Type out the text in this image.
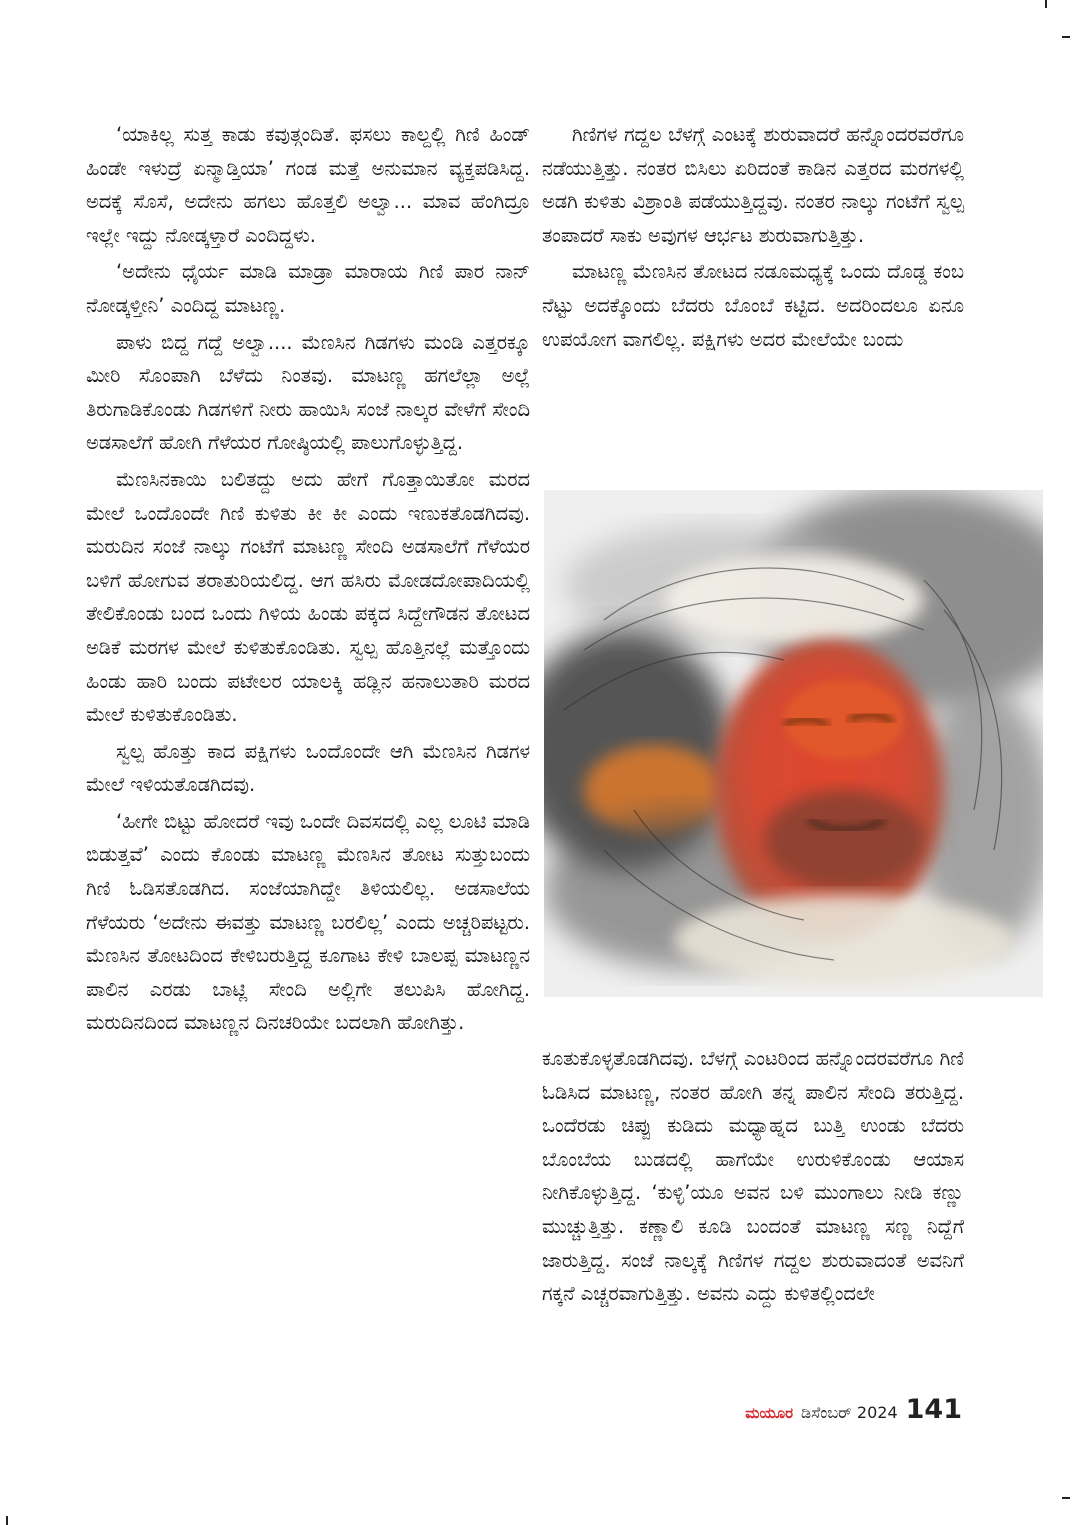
‘ಯಾಕಿಲ್ಲ ಸುತ್ತ ಕಾಡು ಕವುತ್ಗಂದಿತೆ. ಫಸಲು ಕಾಲ್ದಲ್ಲಿ ಗಿಣಿ ಹಿಂಡ್ ಹಿಂಡೇ ಇಳುದ್ರೆ ಏನ್ಮಾಡ್ತಿಯಾ’ ಗಂಡ ಮತ್ತೆ ಅನುಮಾನ ವ್ಯಕ್ತಪಡಿಸಿದ್ದ. ಅದಕ್ಕೆ ಸೊಸೆ, ಅದೇನು ಹಗಲು ಹೊತ್ತಲಿ ಅಲ್ವಾ... ಮಾವ ಹೆಂಗಿದ್ರೂ ಇಲ್ಲೇ ಇದ್ದು ನೋಡ್ಕಳ್ತಾರೆ ಎಂದಿದ್ದಳು.

‘ಅದೇನು ಧೈರ್ಯ ಮಾಡಿ ಮಾಡ್ರಾ ಮಾರಾಯ ಗಿಣಿ ಪಾರ ನಾನ್ ನೋಡ್ಕಳ್ತೀನಿ’ ಎಂದಿದ್ದ ಮಾಟಣ್ಣ.

ಪಾಳು ಬಿದ್ದ ಗದ್ದೆ ಅಲ್ವಾ.... ಮೆಣಸಿನ ಗಿಡಗಳು ಮಂಡಿ ಎತ್ತರಕ್ಕೂ ಮೀರಿ ಸೊಂಪಾಗಿ ಬೆಳೆದು ನಿಂತವು. ಮಾಟಣ್ಣ ಹಗಲೆಲ್ಲಾ ಅಲ್ಲೆ ತಿರುಗಾಡಿಕೊಂಡು ಗಿಡಗಳಿಗೆ ನೀರು ಹಾಯಿಸಿ ಸಂಜೆ ನಾಲ್ಕರ ವೇಳೆಗೆ ಸೇಂದಿ ಅಡಸಾಲೆಗೆ ಹೋಗಿ ಗೆಳೆಯರ ಗೋಷ್ಠಿಯಲ್ಲಿ ಪಾಲುಗೊಳ್ಳುತ್ತಿದ್ದ.

ಮೆಣಸಿನಕಾಯಿ ಬಲಿತದ್ದು ಅದು ಹೇಗೆ ಗೊತ್ತಾಯಿತೋ ಮರದ ಮೇಲೆ ಒಂದೊಂದೇ ಗಿಣಿ ಕುಳಿತು ಕೀ ಕೀ ಎಂದು ಇಣುಕತೊಡಗಿದವು. ಮರುದಿನ ಸಂಜೆ ನಾಲ್ಕು ಗಂಟೆಗೆ ಮಾಟಣ್ಣ ಸೇಂದಿ ಅಡಸಾಲೆಗೆ ಗೆಳೆಯರ ಬಳಿಗೆ ಹೋಗುವ ತರಾತುರಿಯಲಿದ್ದ. ಆಗ ಹಸಿರು ಮೋಡದೋಪಾದಿಯಲ್ಲಿ ತೇಲಿಕೊಂಡು ಬಂದ ಒಂದು ಗಿಳಿಯ ಹಿಂಡು ಪಕ್ಕದ ಸಿದ್ದೇಗೌಡನ ತೋಟದ ಅಡಿಕೆ ಮರಗಳ ಮೇಲೆ ಕುಳಿತುಕೊಂಡಿತು. ಸ್ವಲ್ಪ ಹೊತ್ತಿನಲ್ಲೆ ಮತ್ತೊಂದು ಹಿಂಡು ಹಾರಿ ಬಂದು ಪಟೇಲರ ಯಾಲಕ್ಕಿ ಹಡ್ಲಿನ ಹನಾಲುತಾರಿ ಮರದ ಮೇಲೆ ಕುಳಿತುಕೊಂಡಿತು.

ಸ್ವಲ್ಪ ಹೊತ್ತು ಕಾದ ಪಕ್ಷಿಗಳು ಒಂದೊಂದೇ ಆಗಿ ಮೆಣಸಿನ ಗಿಡಗಳ ಮೇಲೆ ಇಳಿಯತೊಡಗಿದವು.

‘ಹೀಗೇ ಬಿಟ್ಟು ಹೋದರೆ ಇವು ಒಂದೇ ದಿವಸದಲ್ಲಿ ಎಲ್ಲ ಲೂಟಿ ಮಾಡಿ ಬಿಡುತ್ತವೆ’ ಎಂದು ಕೊಂಡು ಮಾಟಣ್ಣ ಮೆಣಸಿನ ತೋಟ ಸುತ್ತುಬಂದು ಗಿಣಿ ಓಡಿಸತೊಡಗಿದ. ಸಂಜೆಯಾಗಿದ್ದೇ ತಿಳಿಯಲಿಲ್ಲ. ಅಡಸಾಲೆಯ ಗೆಳೆಯರು ‘ಅದೇನು ಈವತ್ತು ಮಾಟಣ್ಣ ಬರಲಿಲ್ಲ’ ಎಂದು ಅಚ್ಚರಿಪಟ್ಟರು. ಮೆಣಸಿನ ತೋಟದಿಂದ ಕೇಳಿಬರುತ್ತಿದ್ದ ಕೂಗಾಟ ಕೇಳಿ ಬಾಲಪ್ಪ ಮಾಟಣ್ಣನ ಪಾಲಿನ ಎರಡು ಬಾಟ್ಲಿ ಸೇಂದಿ ಅಲ್ಲಿಗೇ ತಲುಪಿಸಿ ಹೋಗಿದ್ದ. ಮರುದಿನದಿಂದ ಮಾಟಣ್ಣನ ದಿನಚರಿಯೇ ಬದಲಾಗಿ ಹೋಗಿತ್ತು.

ಗಿಣಿಗಳ ಗದ್ದಲ ಬೆಳಗ್ಗೆ ಎಂಟಕ್ಕೆ ಶುರುವಾದರೆ ಹನ್ನೊಂದರವರೆಗೂ ನಡೆಯುತ್ತಿತ್ತು. ನಂತರ ಬಿಸಿಲು ಏರಿದಂತೆ ಕಾಡಿನ ಎತ್ತರದ ಮರಗಳಲ್ಲಿ ಅಡಗಿ ಕುಳಿತು ವಿಶ್ರಾಂತಿ ಪಡೆಯುತ್ತಿದ್ದವು. ನಂತರ ನಾಲ್ಕು ಗಂಟೆಗೆ ಸ್ವಲ್ಪ ತಂಪಾದರೆ ಸಾಕು ಅವುಗಳ ಆರ್ಭಟ ಶುರುವಾಗುತ್ತಿತ್ತು.

ಮಾಟಣ್ಣ ಮೆಣಸಿನ ತೋಟದ ನಡೂಮಧ್ಯಕ್ಕೆ ಒಂದು ದೊಡ್ಡ ಕಂಬ ನೆಟ್ಟು ಅದಕ್ಕೊಂದು ಬೆದರು ಬೊಂಬೆ ಕಟ್ಟಿದ. ಅದರಿಂದಲೂ ಏನೂ ಉಪಯೋಗ ವಾಗಲಿಲ್ಲ. ಪಕ್ಷಿಗಳು ಅದರ ಮೇಲೆಯೇ ಬಂದು

ಕೂತುಕೊಳ್ಳತೊಡಗಿದವು. ಬೆಳಗ್ಗೆ ಎಂಟರಿಂದ ಹನ್ನೊಂದರವರೆಗೂ ಗಿಣಿ ಓಡಿಸಿದ ಮಾಟಣ್ಣ, ನಂತರ ಹೋಗಿ ತನ್ನ ಪಾಲಿನ ಸೇಂದಿ ತರುತ್ತಿದ್ದ. ಒಂದೆರಡು ಚಿಪ್ಪು ಕುಡಿದು ಮಧ್ಯಾಹ್ನದ ಬುತ್ತಿ ಉಂಡು ಬೆದರು ಬೊಂಬೆಯ ಬುಡದಲ್ಲಿ ಹಾಗೆಯೇ ಉರುಳಿಕೊಂಡು ಆಯಾಸ ನೀಗಿಕೊಳ್ಳುತ್ತಿದ್ದ. ‘ಕುಳ್ಳಿ’ಯೂ ಅವನ ಬಳಿ ಮುಂಗಾಲು ನೀಡಿ ಕಣ್ಣು ಮುಚ್ಚುತ್ತಿತ್ತು. ಕಣ್ಣಾಲಿ ಕೂಡಿ ಬಂದಂತೆ ಮಾಟಣ್ಣ ಸಣ್ಣ ನಿದ್ದೆಗೆ ಜಾರುತ್ತಿದ್ದ. ಸಂಜೆ ನಾಲ್ಕಕ್ಕೆ ಗಿಣಿಗಳ ಗದ್ದಲ ಶುರುವಾದಂತೆ ಅವನಿಗೆ ಗಕ್ಕನೆ ಎಚ್ಚರವಾಗುತ್ತಿತ್ತು. ಅವನು ಎದ್ದು ಕುಳಿತಲ್ಲಿಂದಲೇ

ಮಯೂರ ಡಿಸೆಂಬರ್ 2024 141
